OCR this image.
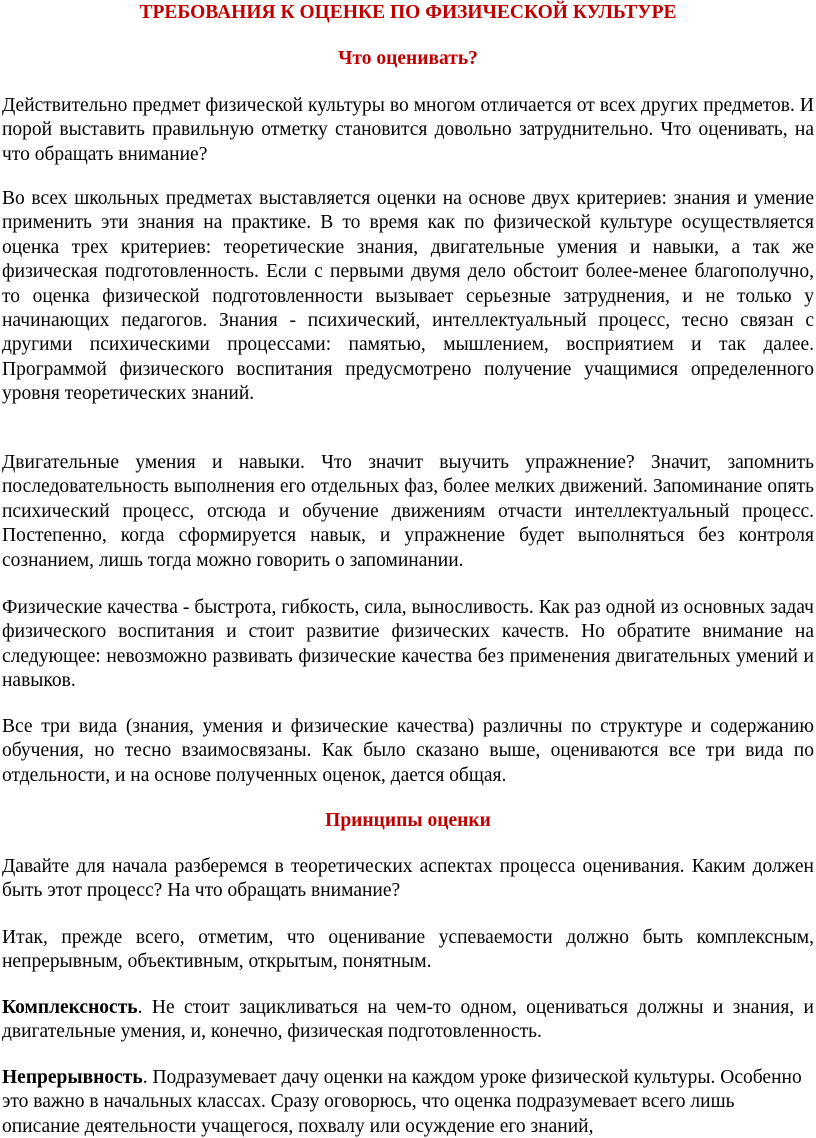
ТРЕБОВАНИЯ К ОЦЕНКЕ ПО ФИЗИЧЕСКОЙ КУЛЬТУРЕ
Что оценивать?

Действительно предмет физической культуры во многом отличается от всех других предметов. И порой выставить правильную отметку становится довольно затруднительно. Что оценивать, на что обращать внимание?

Во всех школьных предметах выставляется оценки на основе двух критериев: знания и умение применить эти знания на практике. В то время как по физической культуре осуществляется оценка трех критериев: теоретические знания, двигательные умения и навыки, а так же физическая подготовленность. Если с первыми двумя дело обстоит более-менее благополучно, то оценка физической подготовленности вызывает серьезные затруднения, и не только у начинающих педагогов. Знания - психический, интеллектуальный процесс, тесно связан с другими психическими процессами: памятью, мышлением, восприятием и так далее. Программой физического воспитания предусмотрено получение учащимися определенного уровня теоретических знаний.

Двигательные умения и навыки. Что значит выучить упражнение? Значит, запомнить последовательность выполнения его отдельных фаз, более мелких движений. Запоминание опять психический процесс, отсюда и обучение движениям отчасти интеллектуальный процесс. Постепенно, когда сформируется навык, и упражнение будет выполняться без контроля сознанием, лишь тогда можно говорить о запоминании.

Физические качества - быстрота, гибкость, сила, выносливость. Как раз одной из основных задач физического воспитания и стоит развитие физических качеств. Но обратите внимание на следующее: невозможно развивать физические качества без применения двигательных умений и навыков.

Все три вида (знания, умения и физические качества) различны по структуре и содержанию обучения, но тесно взаимосвязаны. Как было сказано выше, оцениваются все три вида по отдельности, и на основе полученных оценок, дается общая.

Принципы оценки

Давайте для начала разберемся в теоретических аспектах процесса оценивания. Каким должен быть этот процесс? На что обращать внимание?

Итак, прежде всего, отметим, что оценивание успеваемости должно быть комплексным, непрерывным, объективным, открытым, понятным.

Комплексность. Не стоит зацикливаться на чем-то одном, оцениваться должны и знания, и двигательные умения, и, конечно, физическая подготовленность.

Непрерывность. Подразумевает дачу оценки на каждом уроке физической культуры. Особенно это важно в начальных классах. Сразу оговорюсь, что оценка подразумевает всего лишь описание деятельности учащегося, похвалу или осуждение его знаний,
